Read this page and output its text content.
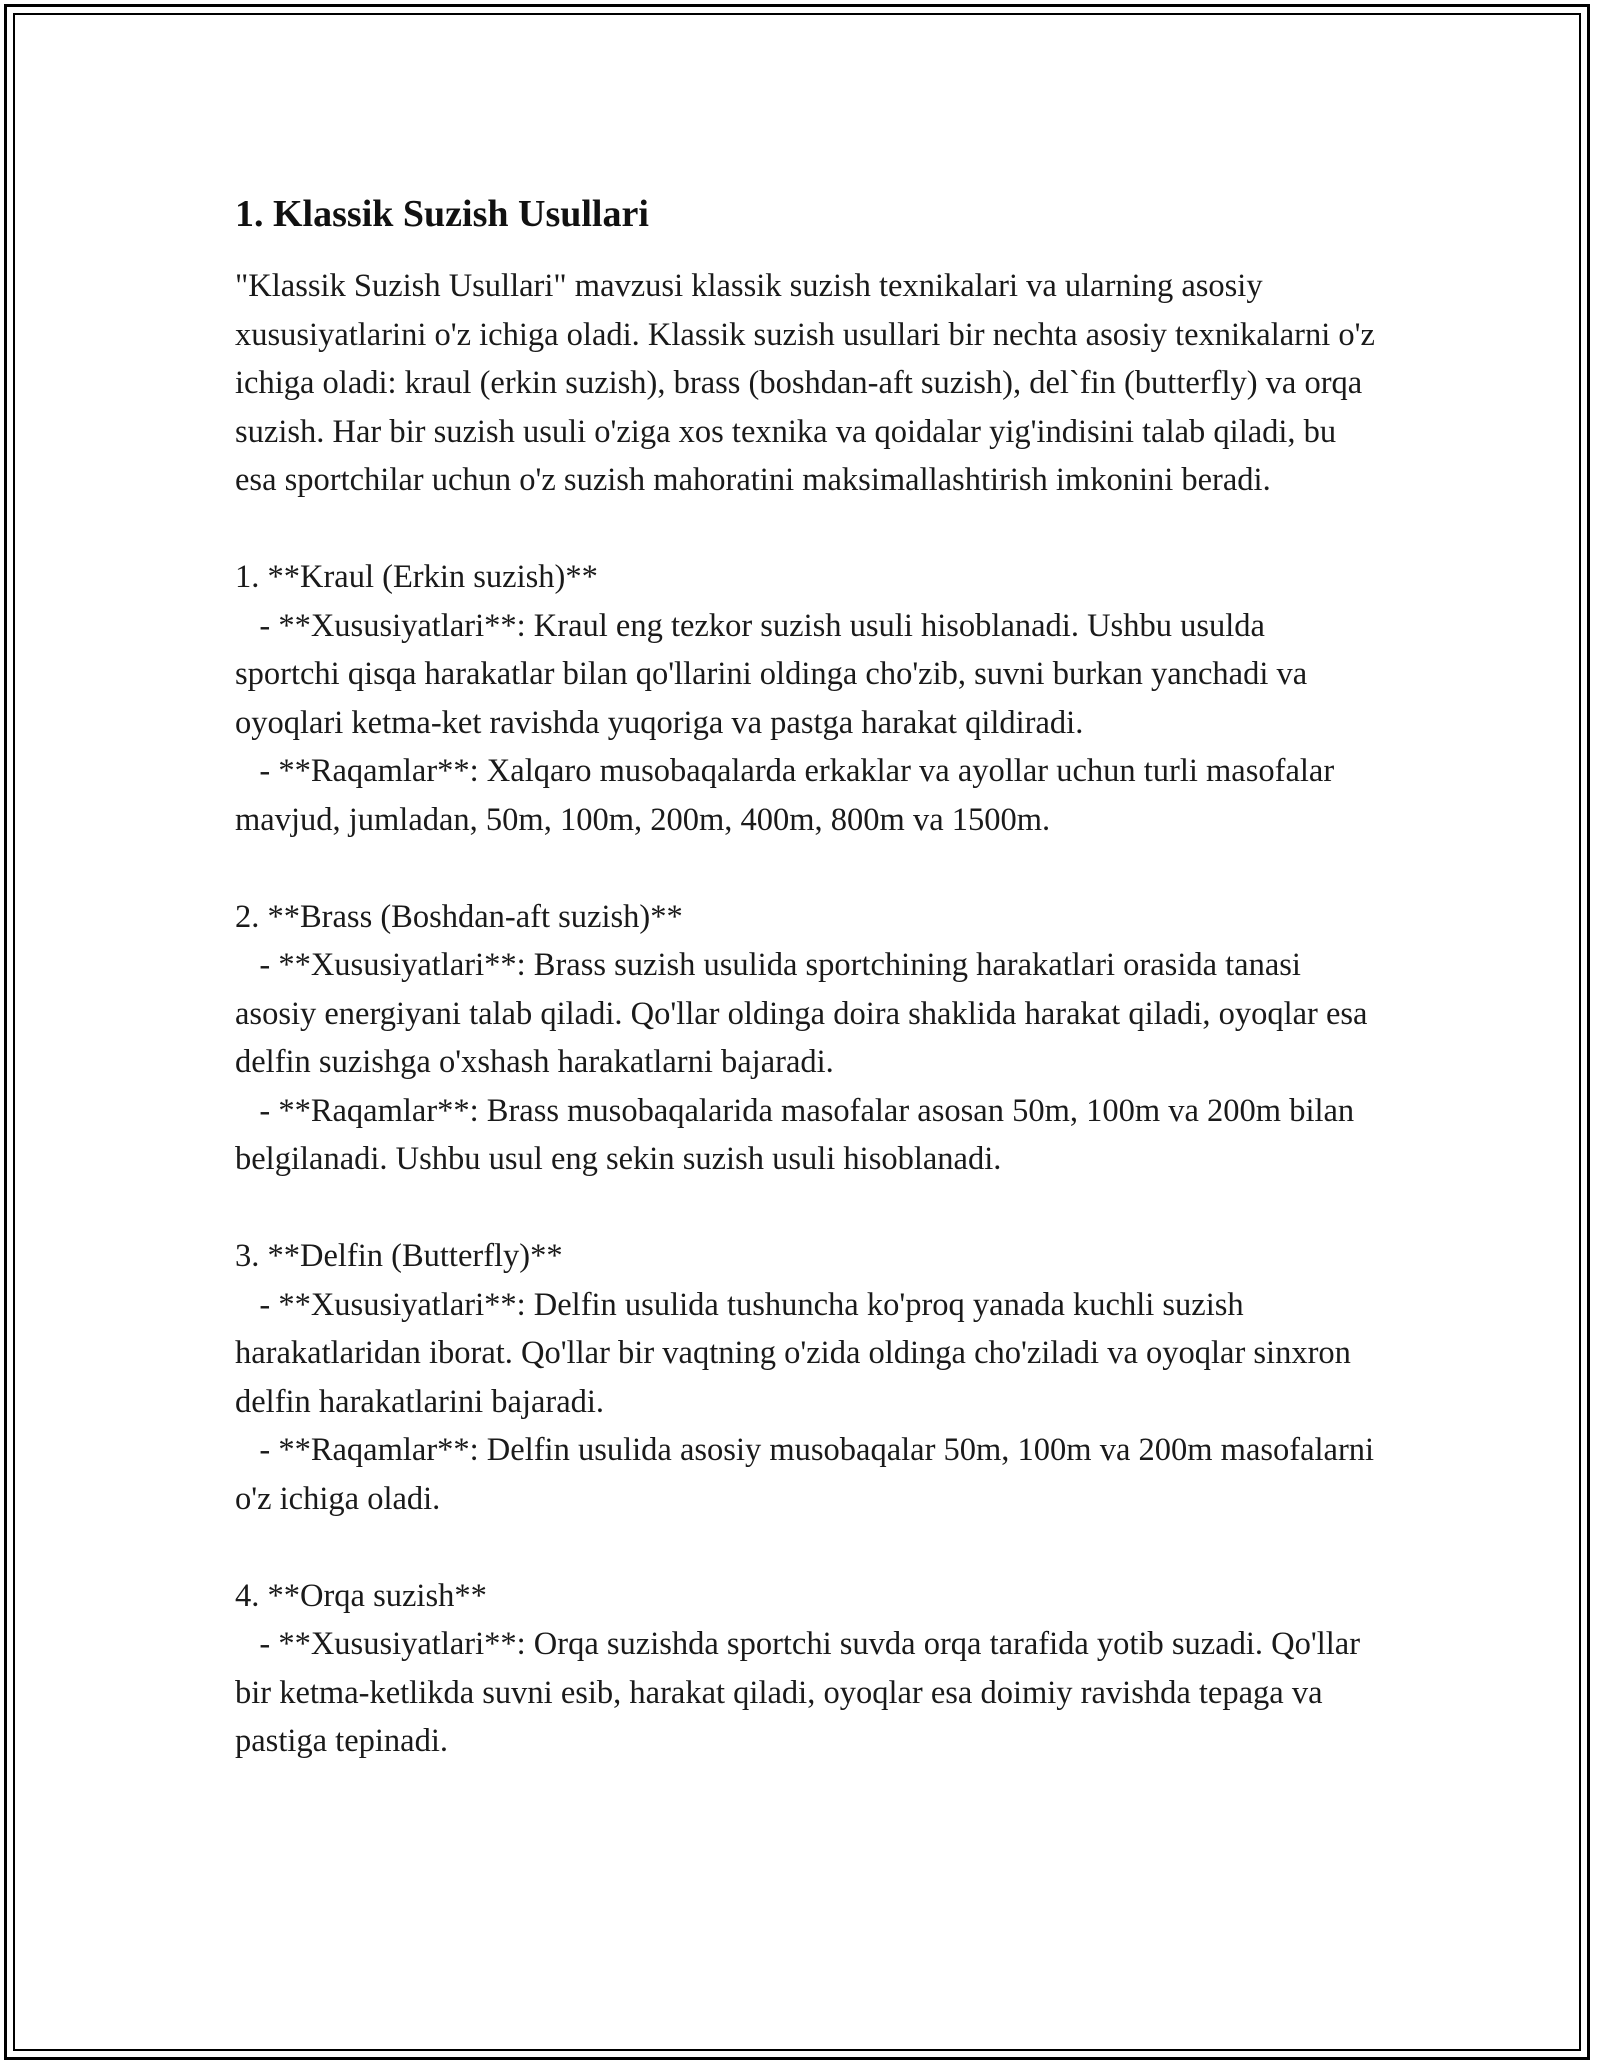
1. Klassik Suzish Usullari

"Klassik Suzish Usullari" mavzusi klassik suzish texnikalari va ularning asosiy xususiyatlarini o'z ichiga oladi. Klassik suzish usullari bir nechta asosiy texnikalarni o'z ichiga oladi: kraul (erkin suzish), brass (boshdan-aft suzish), del`fin (butterfly) va orqa suzish. Har bir suzish usuli o'ziga xos texnika va qoidalar yig'indisini talab qiladi, bu esa sportchilar uchun o'z suzish mahoratini maksimallashtirish imkonini beradi.

1. **Kraul (Erkin suzish)**
- **Xususiyatlari**: Kraul eng tezkor suzish usuli hisoblanadi. Ushbu usulda sportchi qisqa harakatlar bilan qo'llarini oldinga cho'zib, suvni burkan yanchadi va oyoqlari ketma-ket ravishda yuqoriga va pastga harakat qildiradi.
- **Raqamlar**: Xalqaro musobaqalarda erkaklar va ayollar uchun turli masofalar mavjud, jumladan, 50m, 100m, 200m, 400m, 800m va 1500m.
2. **Brass (Boshdan-aft suzish)**
- **Xususiyatlari**: Brass suzish usulida sportchining harakatlari orasida tanasi asosiy energiyani talab qiladi. Qo'llar oldinga doira shaklida harakat qiladi, oyoqlar esa delfin suzishga o'xshash harakatlarni bajaradi.
- **Raqamlar**: Brass musobaqalarida masofalar asosan 50m, 100m va 200m bilan belgilanadi. Ushbu usul eng sekin suzish usuli hisoblanadi.
3. **Delfin (Butterfly)**
- **Xususiyatlari**: Delfin usulida tushuncha ko'proq yanada kuchli suzish harakatlaridan iborat. Qo'llar bir vaqtning o'zida oldinga cho'ziladi va oyoqlar sinxron delfin harakatlarini bajaradi.
- **Raqamlar**: Delfin usulida asosiy musobaqalar 50m, 100m va 200m masofalarni o'z ichiga oladi.
4. **Orqa suzish**
- **Xususiyatlari**: Orqa suzishda sportchi suvda orqa tarafida yotib suzadi. Qo'llar bir ketma-ketlikda suvni esib, harakat qiladi, oyoqlar esa doimiy ravishda tepaga va pastiga tepinadi.
